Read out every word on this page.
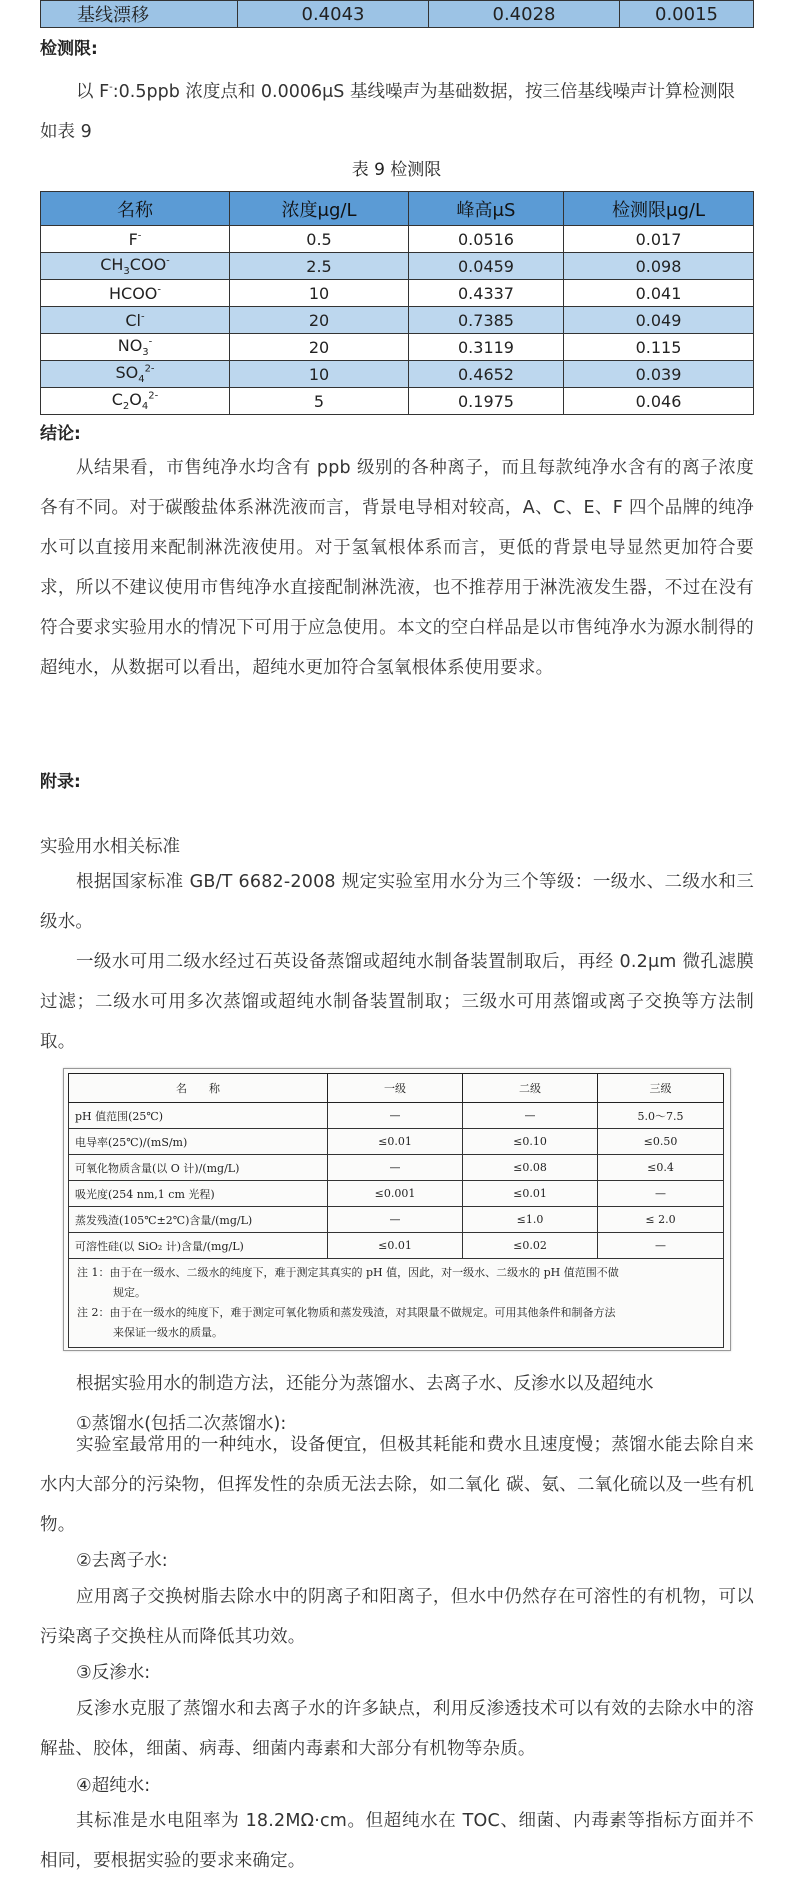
基线漂移	0.4043	0.4028	0.0015
检测限:
以 F-:0.5ppb 浓度点和 0.0006μS 基线噪声为基础数据，按三倍基线噪声计算检测限
如表 9
表 9 检测限
名称	浓度μg/L	峰高μS	检测限μg/L
F-	0.5	0.0516	0.017
$CH_3COO^-$	2.5	0.0459	0.098
HCOO-	10	0.4337	0.041
Cl-	20	0.7385	0.049
$NO_3^-$	20	0.3119	0.115
$SO_4^{2-}$	10	0.4652	0.039
$C_2O_4^{2-}$	5	0.1975	0.046
结论:

从结果看，市售纯净水均含有 ppb 级别的各种离子，而且每款纯净水含有的离子浓度各有不同。对于碳酸盐体系淋洗液而言，背景电导相对较高，A、C、E、F 四个品牌的纯净水可以直接用来配制淋洗液使用。对于氢氧根体系而言，更低的背景电导显然更加符合要求，所以不建议使用市售纯净水直接配制淋洗液，也不推荐用于淋洗液发生器，不过在没有符合要求实验用水的情况下可用于应急使用。本文的空白样品是以市售纯净水为源水制得的超纯水，从数据可以看出，超纯水更加符合氢氧根体系使用要求。

附录:
实验用水相关标准

根据国家标准 GB/T 6682-2008 规定实验室用水分为三个等级：一级水、二级水和三级水。

一级水可用二级水经过石英设备蒸馏或超纯水制备装置制取后，再经 0.2μm 微孔滤膜过滤；二级水可用多次蒸馏或超纯水制备装置制取；三级水可用蒸馏或离子交换等方法制取。

名　　称	一级	二级	三级
pH 值范围(25℃)	—	—	5.0～7.5
电导率(25℃)/(mS/m)	≤0.01	≤0.10	≤0.50
可氧化物质含量(以 O 计)/(mg/L)	—	≤0.08	≤0.4
吸光度(254 nm,1 cm 光程)	≤0.001	≤0.01	—
蒸发残渣(105℃±2℃)含量/(mg/L)	—	≤1.0	≤ 2.0
可溶性硅(以 SiO₂ 计)含量/(mg/L)	≤0.01	≤0.02	—

注 1：由于在一级水、二级水的纯度下，难于测定其真实的 pH 值，因此，对一级水、二级水的 pH 值范围不做
规定。
注 2：由于在一级水的纯度下，难于测定可氧化物质和蒸发残渣，对其限量不做规定。可用其他条件和制备方法
来保证一级水的质量。			
根据实验用水的制造方法，还能分为蒸馏水、去离子水、反渗水以及超纯水
①蒸馏水(包括二次蒸馏水):

实验室最常用的一种纯水，设备便宜，但极其耗能和费水且速度慢；蒸馏水能去除自来水内大部分的污染物，但挥发性的杂质无法去除，如二氧化 碳、氨、二氧化硫以及一些有机物。

②去离子水:

应用离子交换树脂去除水中的阴离子和阳离子，但水中仍然存在可溶性的有机物，可以污染离子交换柱从而降低其功效。

③反渗水:

反渗水克服了蒸馏水和去离子水的许多缺点，利用反渗透技术可以有效的去除水中的溶解盐、胶体，细菌、病毒、细菌内毒素和大部分有机物等杂质。

④超纯水:

其标准是水电阻率为 18.2MΩ·cm。但超纯水在 TOC、细菌、内毒素等指标方面并不相同，要根据实验的要求来确定。
